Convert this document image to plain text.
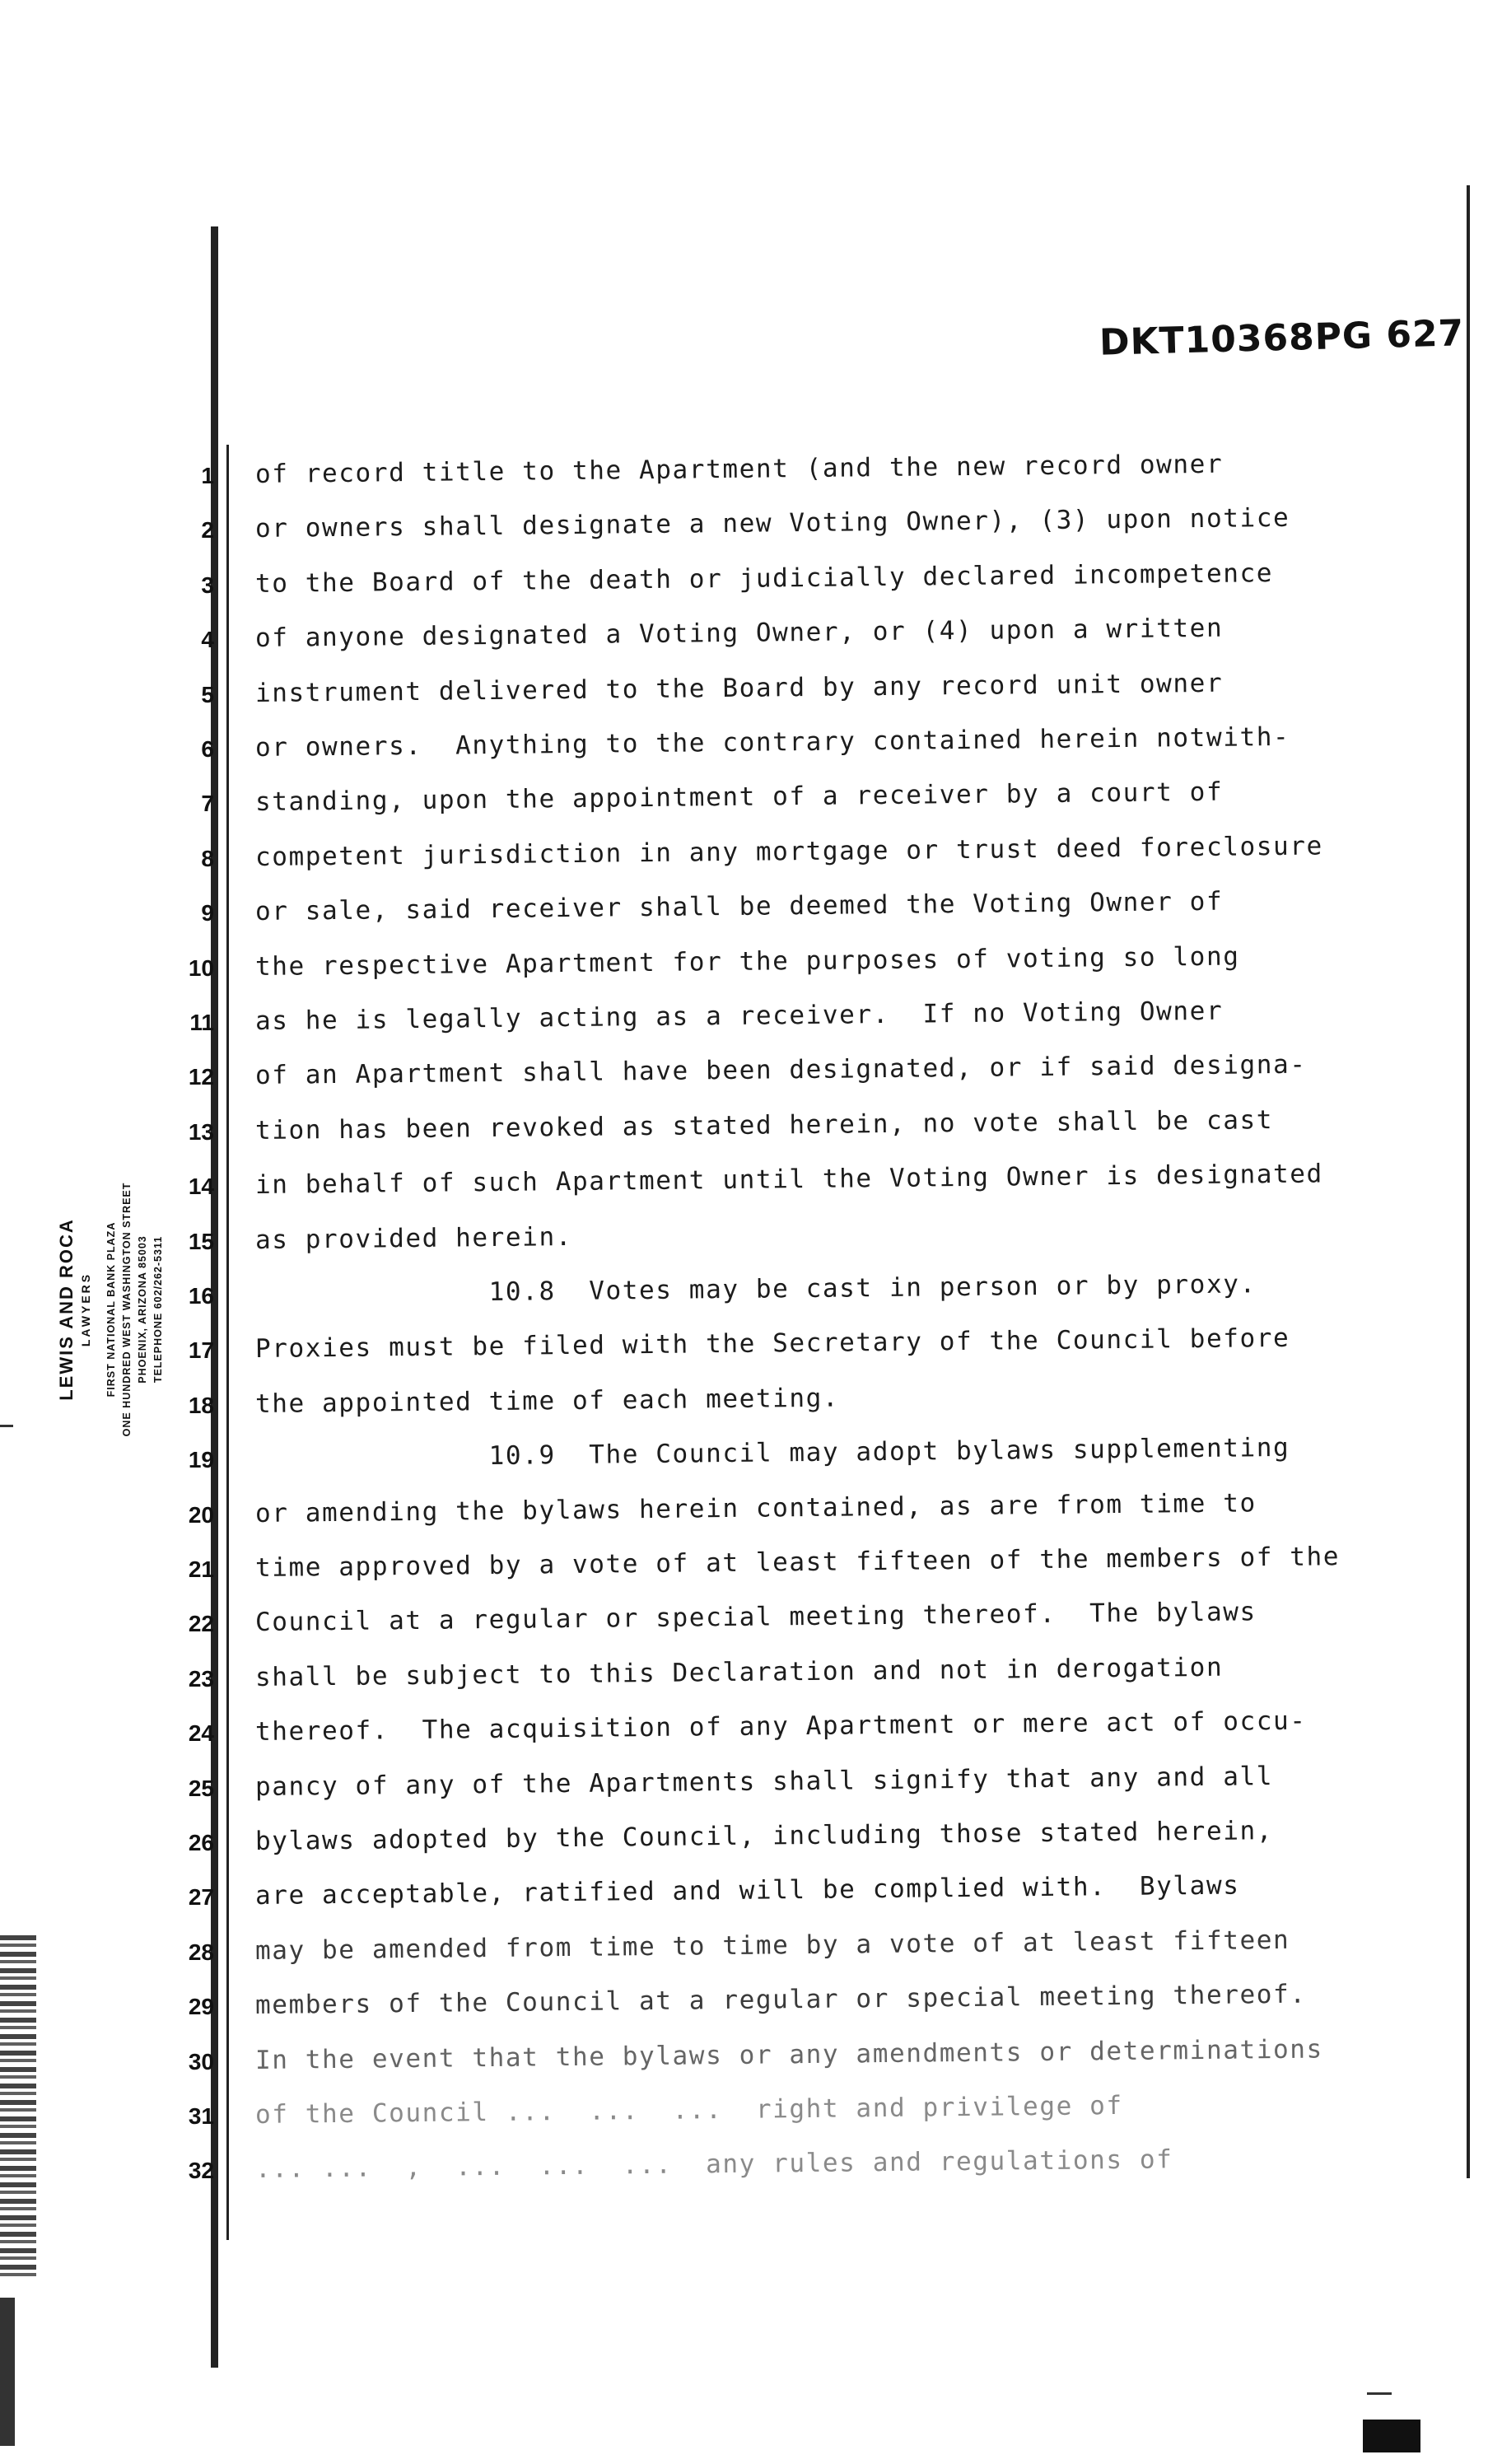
DKT10368PG 627
LEWIS AND ROCA LAWYERS FIRST NATIONAL BANK PLAZA ONE HUNDRED WEST WASHINGTON STREET PHOENIX, ARIZONA 85003 TELEPHONE 602/262-5311
1
2
3
4
5
6
7
8
9
10
11
12
13
14
15
16
17
18
19
20
21
22
23
24
25
26
27
28
29
30
31
32
of record title to the Apartment (and the new record owner
or owners shall designate a new Voting Owner), (3) upon notice
to the Board of the death or judicially declared incompetence
of anyone designated a Voting Owner, or (4) upon a written
instrument delivered to the Board by any record unit owner
or owners.  Anything to the contrary contained herein notwith-
standing, upon the appointment of a receiver by a court of
competent jurisdiction in any mortgage or trust deed foreclosure
or sale, said receiver shall be deemed the Voting Owner of
the respective Apartment for the purposes of voting so long
as he is legally acting as a receiver.  If no Voting Owner
of an Apartment shall have been designated, or if said designa-
tion has been revoked as stated herein, no vote shall be cast
in behalf of such Apartment until the Voting Owner is designated
as provided herein.
10.8  Votes may be cast in person or by proxy.
Proxies must be filed with the Secretary of the Council before
the appointed time of each meeting.
10.9  The Council may adopt bylaws supplementing
or amending the bylaws herein contained, as are from time to
time approved by a vote of at least fifteen of the members of the
Council at a regular or special meeting thereof.  The bylaws
shall be subject to this Declaration and not in derogation
thereof.  The acquisition of any Apartment or mere act of occu-
pancy of any of the Apartments shall signify that any and all
bylaws adopted by the Council, including those stated herein,
are acceptable, ratified and will be complied with.  Bylaws
may be amended from time to time by a vote of at least fifteen
members of the Council at a regular or special meeting thereof.
In the event that the bylaws or any amendments or determinations
of the Council ...  ...  ...  right and privilege of
... ...  ,  ...  ...  ...  any rules and regulations of
